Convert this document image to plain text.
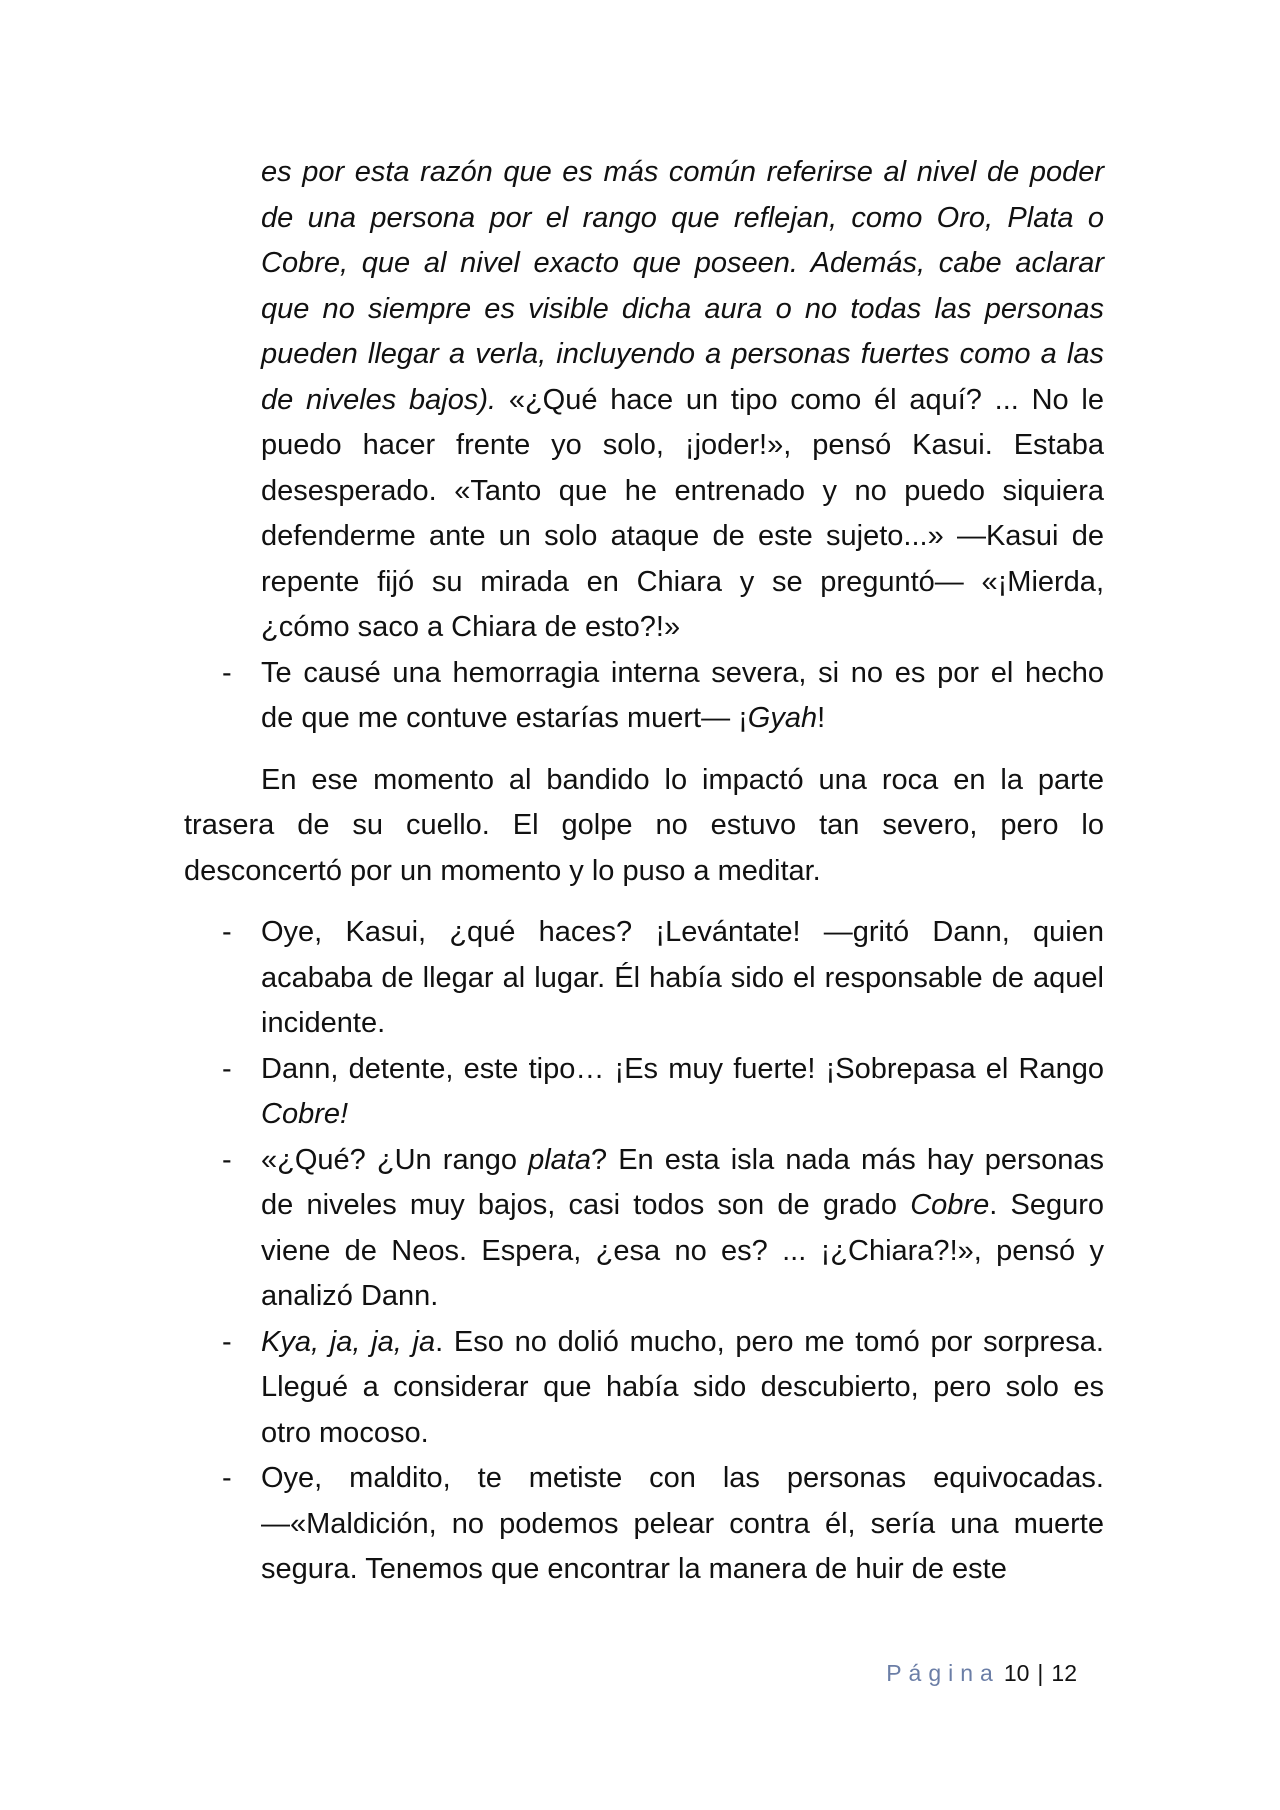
es por esta razón que es más común referirse al nivel de poder de una persona por el rango que reflejan, como Oro, Plata o Cobre, que al nivel exacto que poseen. Además, cabe aclarar que no siempre es visible dicha aura o no todas las personas pueden llegar a verla, incluyendo a personas fuertes como a las de niveles bajos). «¿Qué hace un tipo como él aquí? ... No le puedo hacer frente yo solo, ¡joder!», pensó Kasui. Estaba desesperado. «Tanto que he entrenado y no puedo siquiera defenderme ante un solo ataque de este sujeto...» —Kasui de repente fijó su mirada en Chiara y se preguntó— «¡Mierda, ¿cómo saco a Chiara de esto?!»

- Te causé una hemorragia interna severa, si no es por el hecho de que me contuve estarías muert— ¡Gyah!

En ese momento al bandido lo impactó una roca en la parte trasera de su cuello. El golpe no estuvo tan severo, pero lo desconcertó por un momento y lo puso a meditar.

- Oye, Kasui, ¿qué haces? ¡Levántate! —gritó Dann, quien acababa de llegar al lugar. Él había sido el responsable de aquel incidente.

- Dann, detente, este tipo… ¡Es muy fuerte! ¡Sobrepasa el Rango Cobre!

- «¿Qué? ¿Un rango plata? En esta isla nada más hay personas de niveles muy bajos, casi todos son de grado Cobre. Seguro viene de Neos. Espera, ¿esa no es? ... ¡¿Chiara?!», pensó y analizó Dann.

- Kya, ja, ja, ja. Eso no dolió mucho, pero me tomó por sorpresa. Llegué a considerar que había sido descubierto, pero solo es otro mocoso.

- Oye, maldito, te metiste con las personas equivocadas. —«Maldición, no podemos pelear contra él, sería una muerte segura. Tenemos que encontrar la manera de huir de este

Página 10 | 12
